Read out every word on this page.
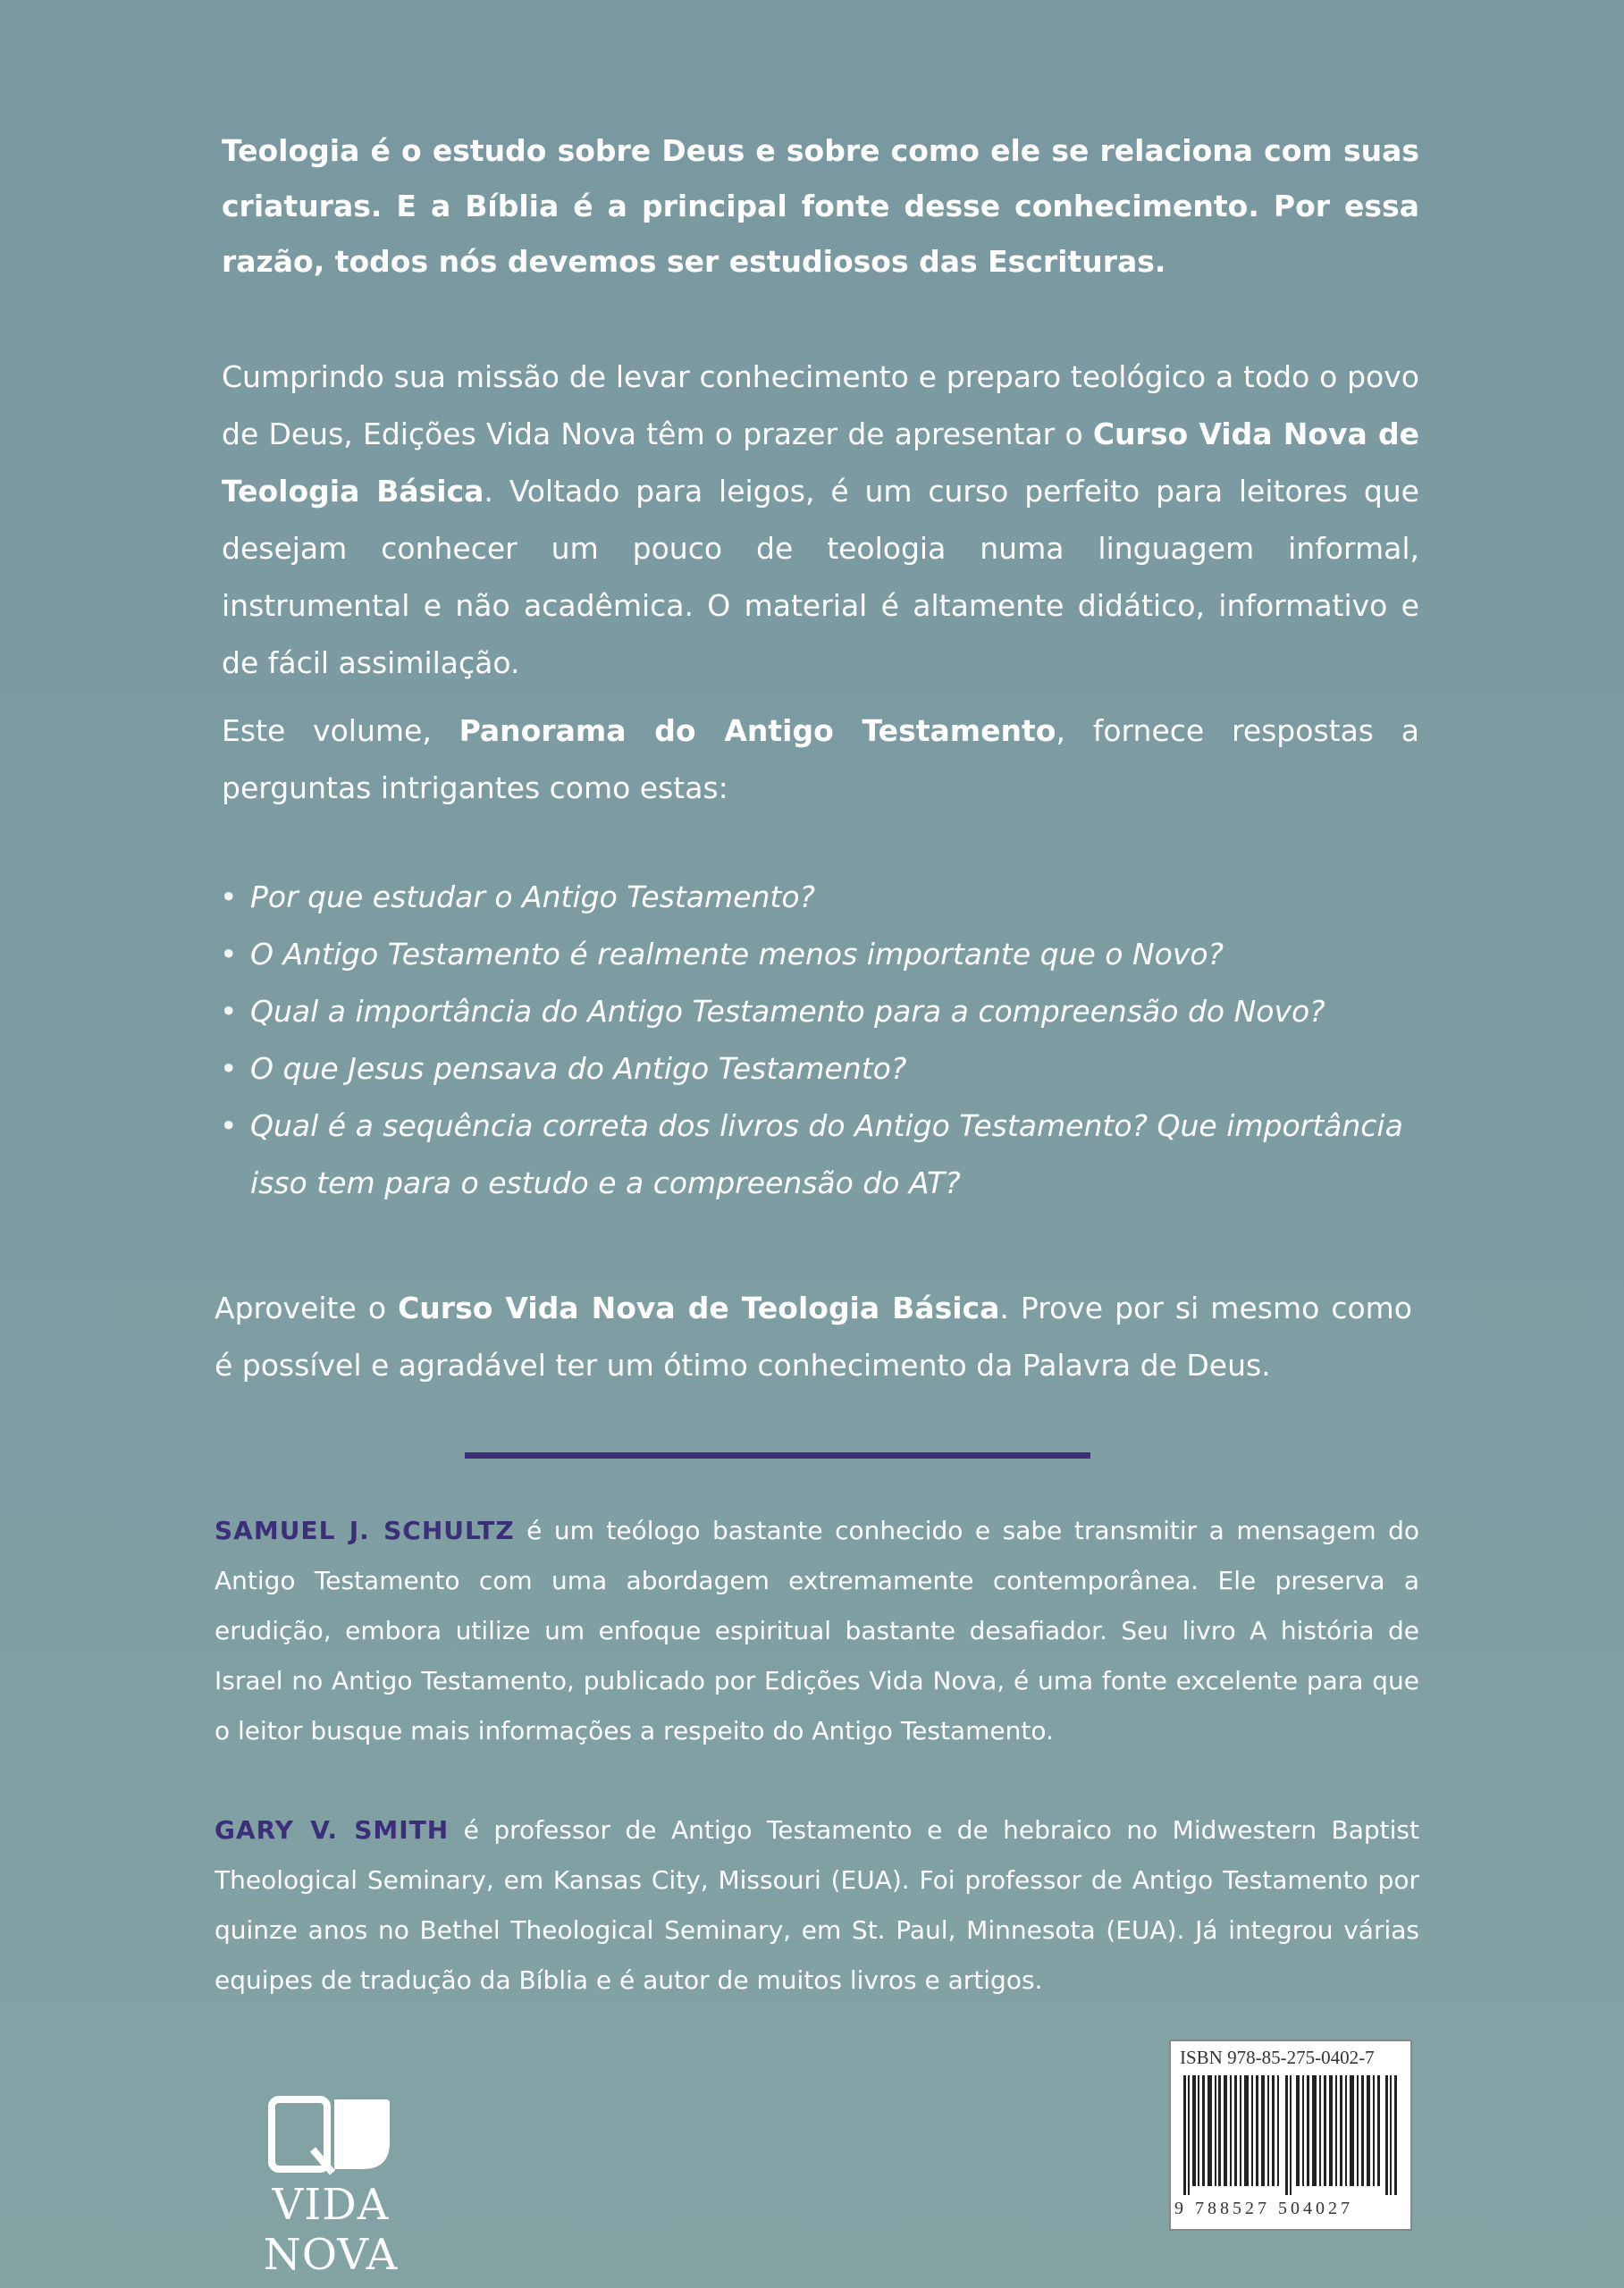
Teologia é o estudo sobre Deus e sobre como ele se relaciona com suas criaturas. E a Bíblia é a principal fonte desse conhecimento. Por essa razão, todos nós devemos ser estudiosos das Escrituras.

Cumprindo sua missão de levar conhecimento e preparo teológico a todo o povo de Deus, Edições Vida Nova têm o prazer de apresentar o Curso Vida Nova de Teologia Básica. Voltado para leigos, é um curso perfeito para leitores que desejam conhecer um pouco de teologia numa linguagem informal, instrumental e não acadêmica. O material é altamente didático, informativo e de fácil assimilação.

Este volume, Panorama do Antigo Testamento, fornece respostas a perguntas intrigantes como estas:

• Por que estudar o Antigo Testamento?
• O Antigo Testamento é realmente menos importante que o Novo?
• Qual a importância do Antigo Testamento para a compreensão do Novo?
• O que Jesus pensava do Antigo Testamento?
• Qual é a sequência correta dos livros do Antigo Testamento? Que importância isso tem para o estudo e a compreensão do AT?

Aproveite o Curso Vida Nova de Teologia Básica. Prove por si mesmo como é possível e agradável ter um ótimo conhecimento da Palavra de Deus.

SAMUEL J. SCHULTZ é um teólogo bastante conhecido e sabe transmitir a mensagem do Antigo Testamento com uma abordagem extremamente contemporânea. Ele preserva a erudição, embora utilize um enfoque espiritual bastante desafiador. Seu livro A história de Israel no Antigo Testamento, publicado por Edições Vida Nova, é uma fonte excelente para que o leitor busque mais informações a respeito do Antigo Testamento.

GARY V. SMITH é professor de Antigo Testamento e de hebraico no Midwestern Baptist Theological Seminary, em Kansas City, Missouri (EUA). Foi professor de Antigo Testamento por quinze anos no Bethel Theological Seminary, em St. Paul, Minnesota (EUA). Já integrou várias equipes de tradução da Bíblia e é autor de muitos livros e artigos.

VIDA NOVA
ISBN 978-85-275-0402-7
9 788527 504027
